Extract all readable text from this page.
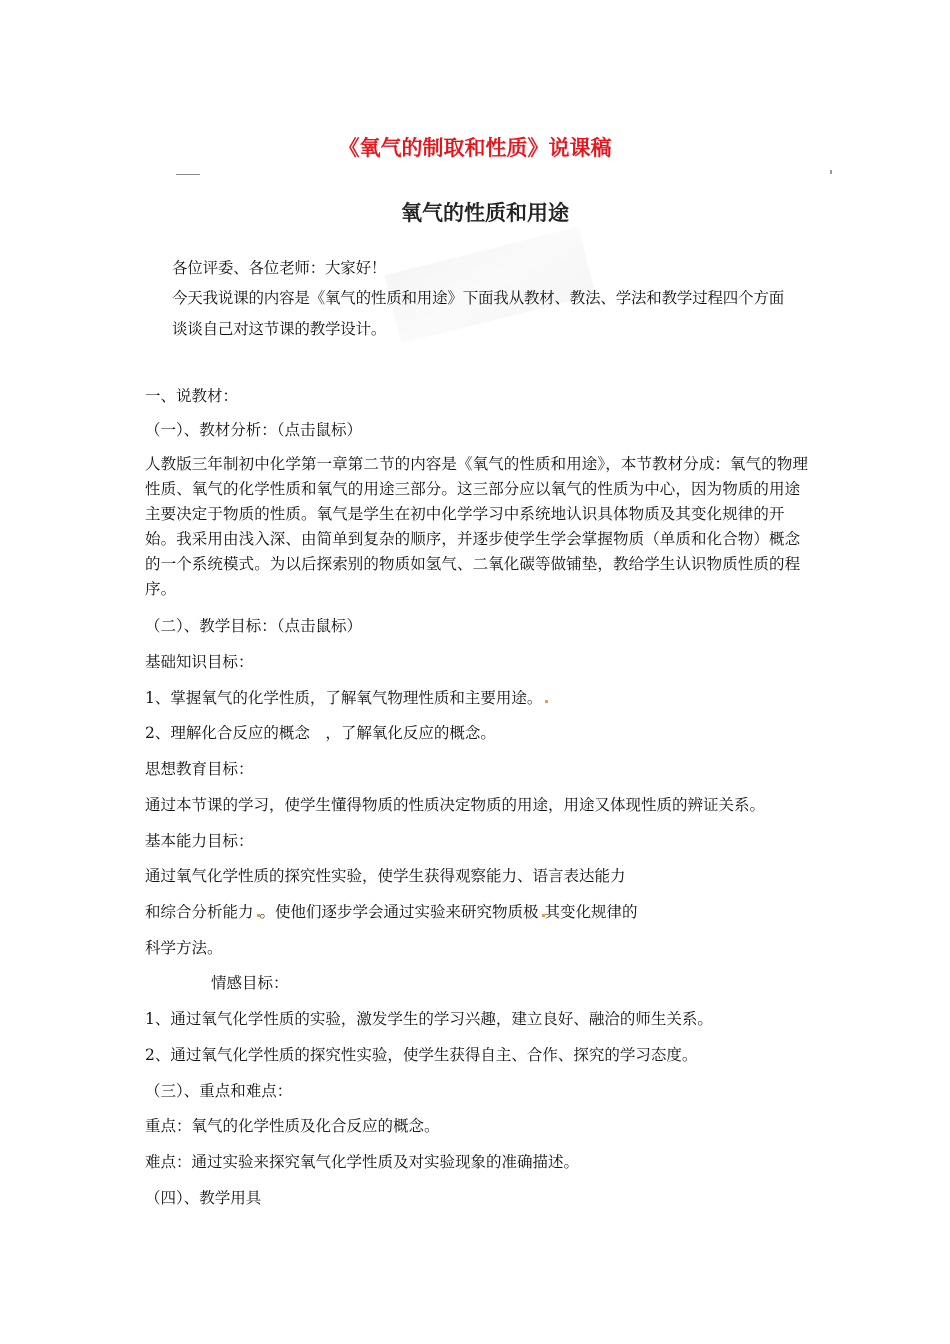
《氧气的制取和性质》说课稿
氧气的性质和用途
各位评委、各位老师：大家好！
今天我说课的内容是《氧气的性质和用途》下面我从教材、教法、学法和教学过程四个方面
谈谈自己对这节课的教学设计。
一、说教材：
（一）、教材分析：（点击鼠标）
人教版三年制初中化学第一章第二节的内容是《氧气的性质和用途》，本节教材分成：氧气的物理性质、氧气的化学性质和氧气的用途三部分。这三部分应以氧气的性质为中心，因为物质的用途主要决定于物质的性质。氧气是学生在初中化学学习中系统地认识具体物质及其变化规律的开始。我采用由浅入深、由简单到复杂的顺序，并逐步使学生学会掌握物质（单质和化合物）概念的一个系统模式。为以后探索别的物质如氢气、二氧化碳等做铺垫，教给学生认识物质性质的程序。
（二）、教学目标：（点击鼠标）
基础知识目标：
1、掌握氧气的化学性质，了解氧气物理性质和主要用途。
2、理解化合反应的概念　，了解氧化反应的概念。
思想教育目标：
通过本节课的学习，使学生懂得物质的性质决定物质的用途，用途又体现性质的辨证关系。
基本能力目标：
通过氧气化学性质的探究性实验，使学生获得观察能力、语言表达能力
和综合分析能力 。使他们逐步学会通过实验来研究物质极 其变化规律的
科学方法。
情感目标：
1、通过氧气化学性质的实验，激发学生的学习兴趣，建立良好、融洽的师生关系。
2、通过氧气化学性质的探究性实验，使学生获得自主、合作、探究的学习态度。
（三）、重点和难点：
重点：氧气的化学性质及化合反应的概念。
难点：通过实验来探究氧气化学性质及对实验现象的准确描述。
（四）、教学用具
